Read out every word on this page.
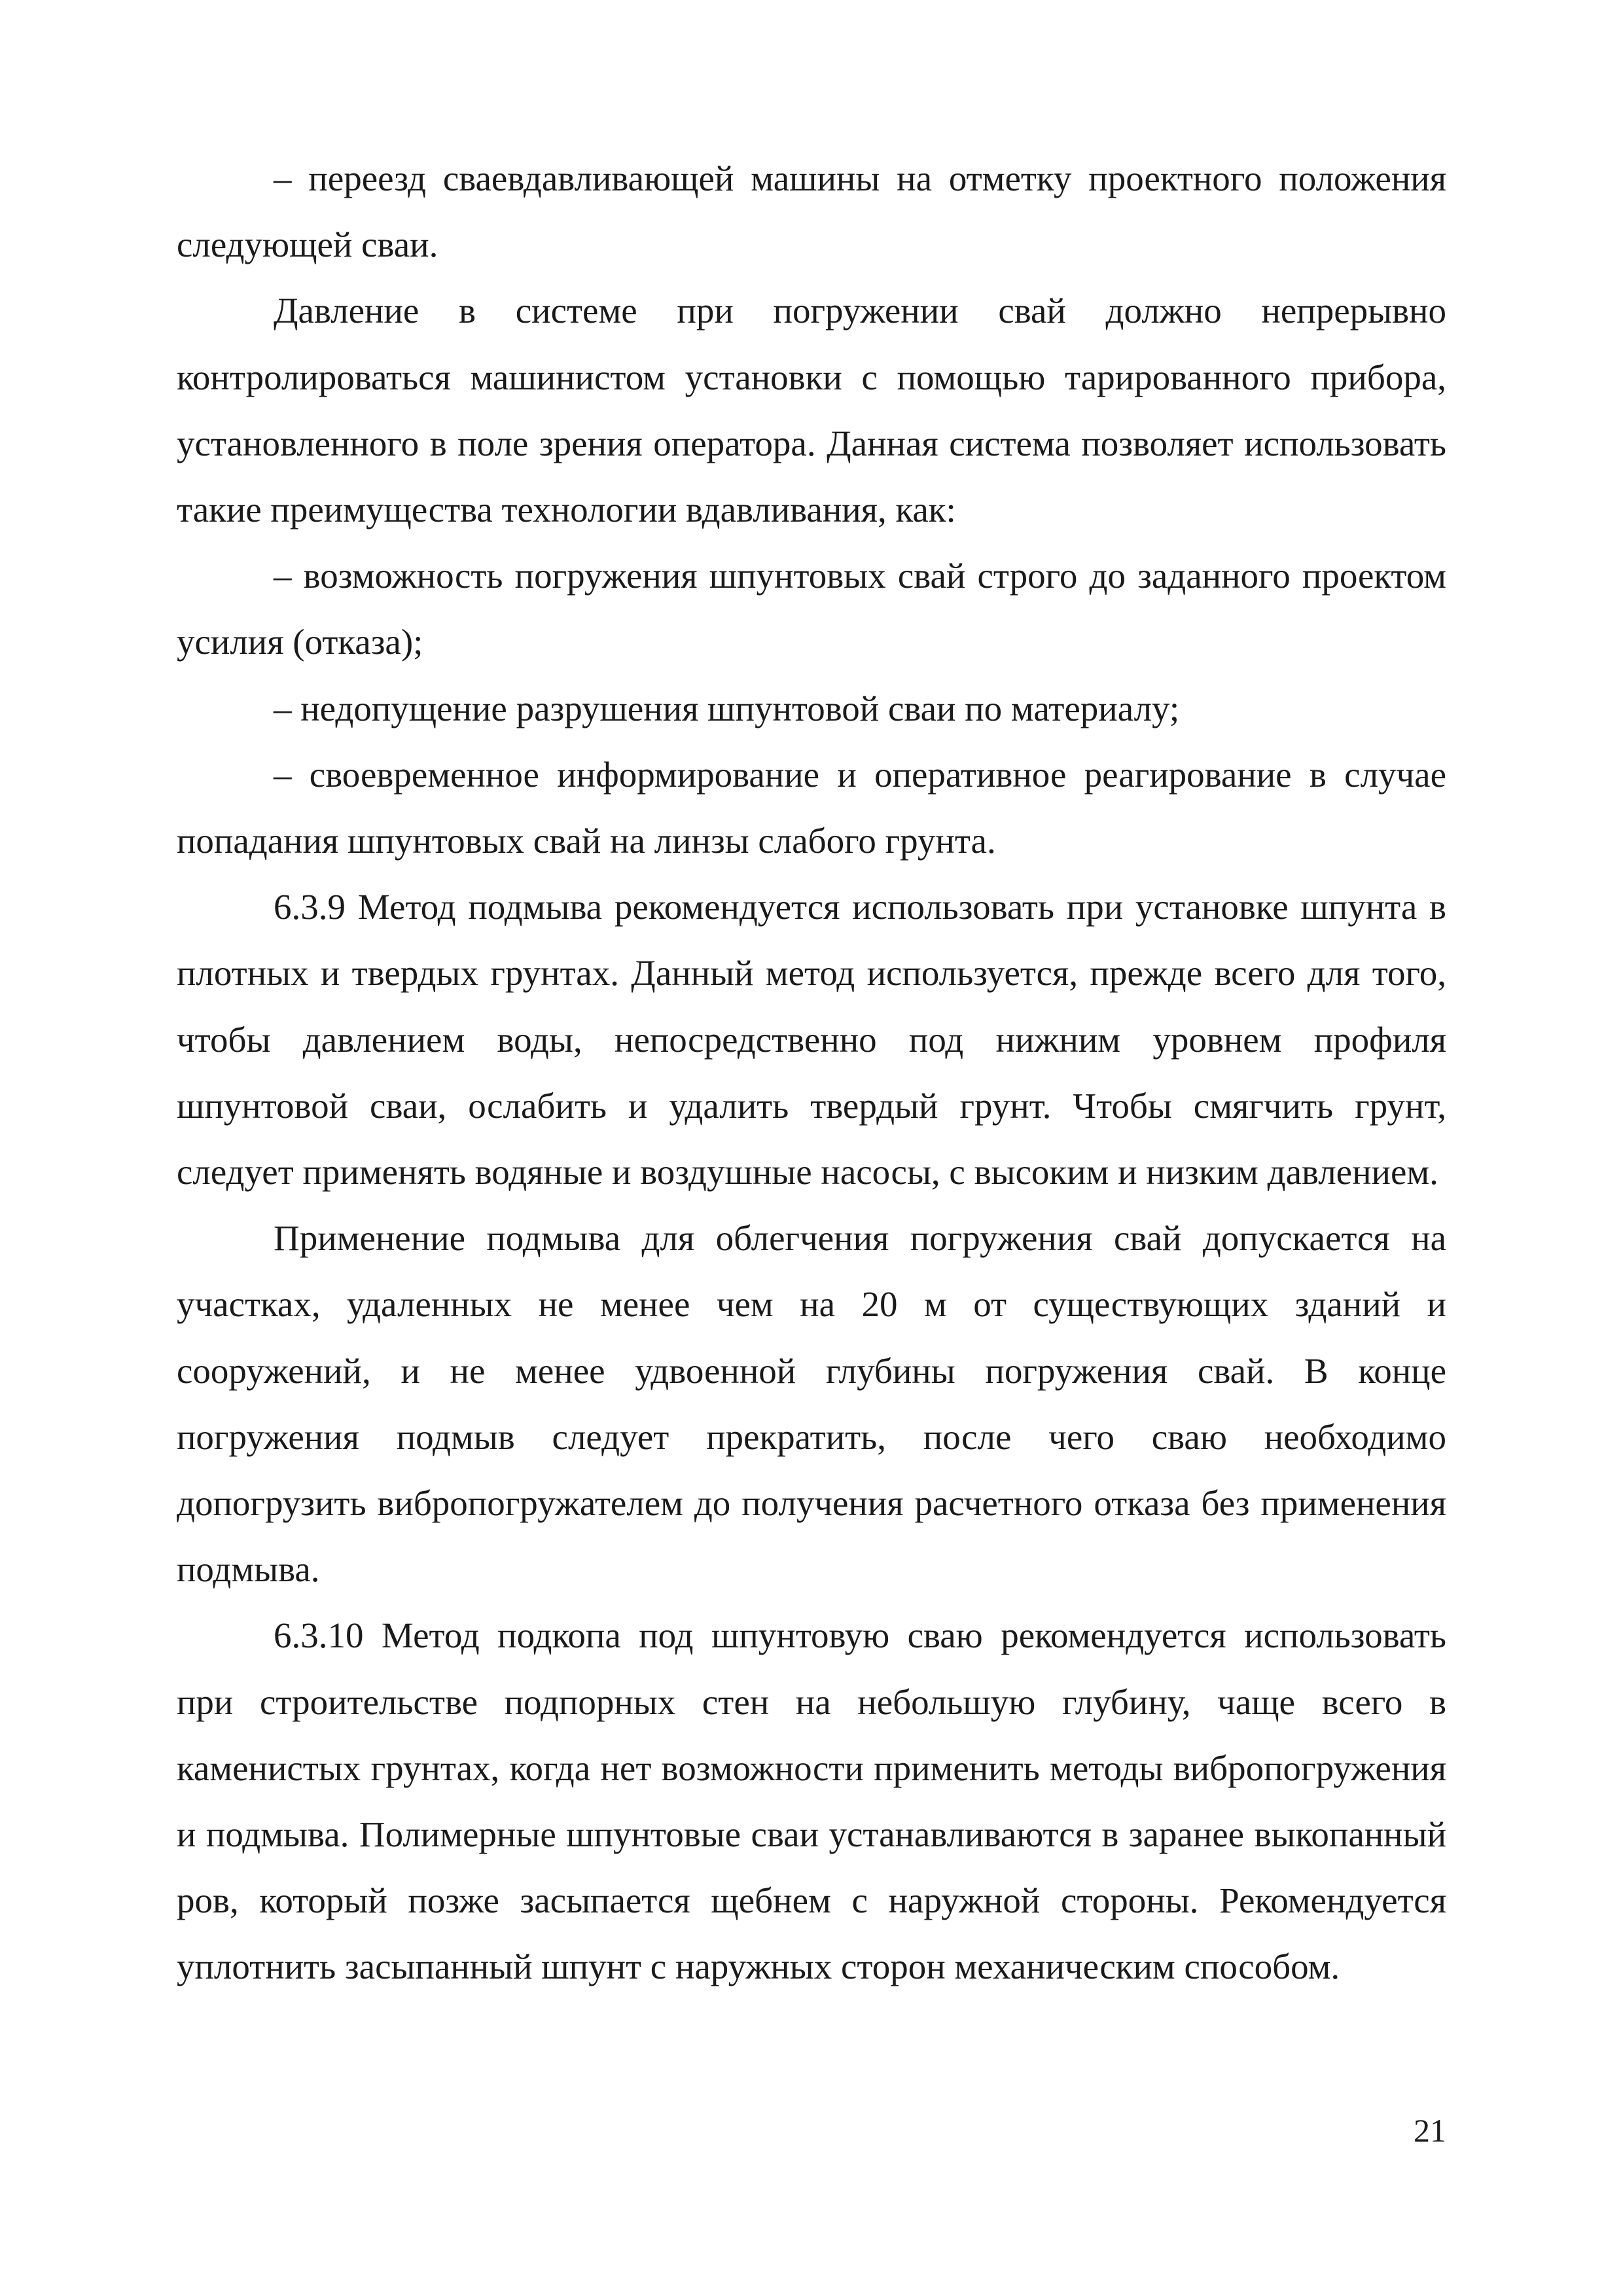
– переезд сваевдавливающей машины на отметку проектного положения следующей сваи.

Давление в системе при погружении свай должно непрерывно контролироваться машинистом установки с помощью тарированного прибора, установленного в поле зрения оператора. Данная система позволяет использовать такие преимущества технологии вдавливания, как:

– возможность погружения шпунтовых свай строго до заданного проектом усилия (отказа);

– недопущение разрушения шпунтовой сваи по материалу;

– своевременное информирование и оперативное реагирование в случае попадания шпунтовых свай на линзы слабого грунта.

6.3.9 Метод подмыва рекомендуется использовать при установке шпунта в плотных и твердых грунтах. Данный метод используется, прежде всего для того, чтобы давлением воды, непосредственно под нижним уровнем профиля шпунтовой сваи, ослабить и удалить твердый грунт. Чтобы смягчить грунт, следует применять водяные и воздушные насосы, с высоким и низким давлением.

Применение подмыва для облегчения погружения свай допускается на участках, удаленных не менее чем на 20 м от существующих зданий и сооружений, и не менее удвоенной глубины погружения свай. В конце погружения подмыв следует прекратить, после чего сваю необходимо допогрузить вибропогружателем до получения расчетного отказа без применения подмыва.

6.3.10 Метод подкопа под шпунтовую сваю рекомендуется использовать при строительстве подпорных стен на небольшую глубину, чаще всего в каменистых грунтах, когда нет возможности применить методы вибропогружения и подмыва. Полимерные шпунтовые сваи устанавливаются в заранее выкопанный ров, который позже засыпается щебнем с наружной стороны. Рекомендуется уплотнить засыпанный шпунт с наружных сторон механическим способом.

21
